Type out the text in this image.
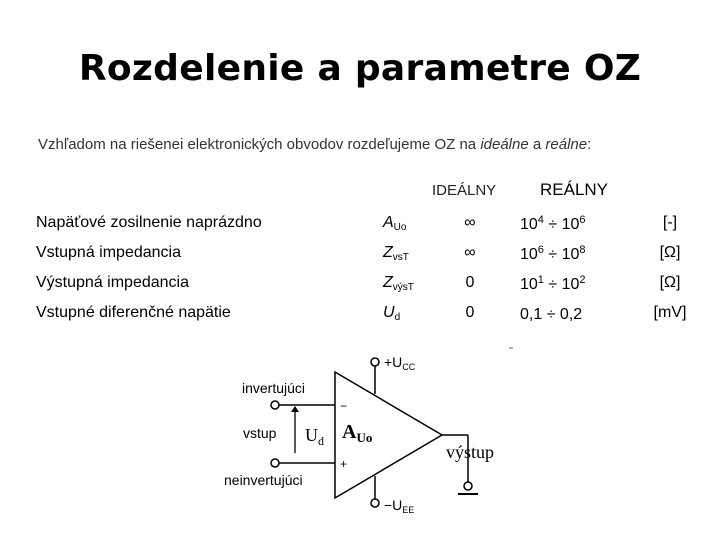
Rozdelenie a parametre OZ
Vzhľadom na riešenei elektronických obvodov rozdeľujeme OZ na ideálne a reálne:
IDEÁLNY	REÁLNY
Napäťové zosilnenie naprázdno	$A_{Uo}$	∞	$10^4 \div 10^6$	[-]
Vstupná impedancia	$Z_{vsT}$	∞	$10^6 \div 10^8$	[Ω]
Výstupná impedancia	$Z_{výsT}$	0	$10^1 \div 10^2$	[Ω]
Vstupné diferenčné napätie	$U_d$	0	0,1 ÷ 0,2	[mV]
$+U_{CC}$
$-U_{EE}$
invertujúci
vstup
neinvertujúci
$U_d$ $A_{Uo}$
výstup
−
+
